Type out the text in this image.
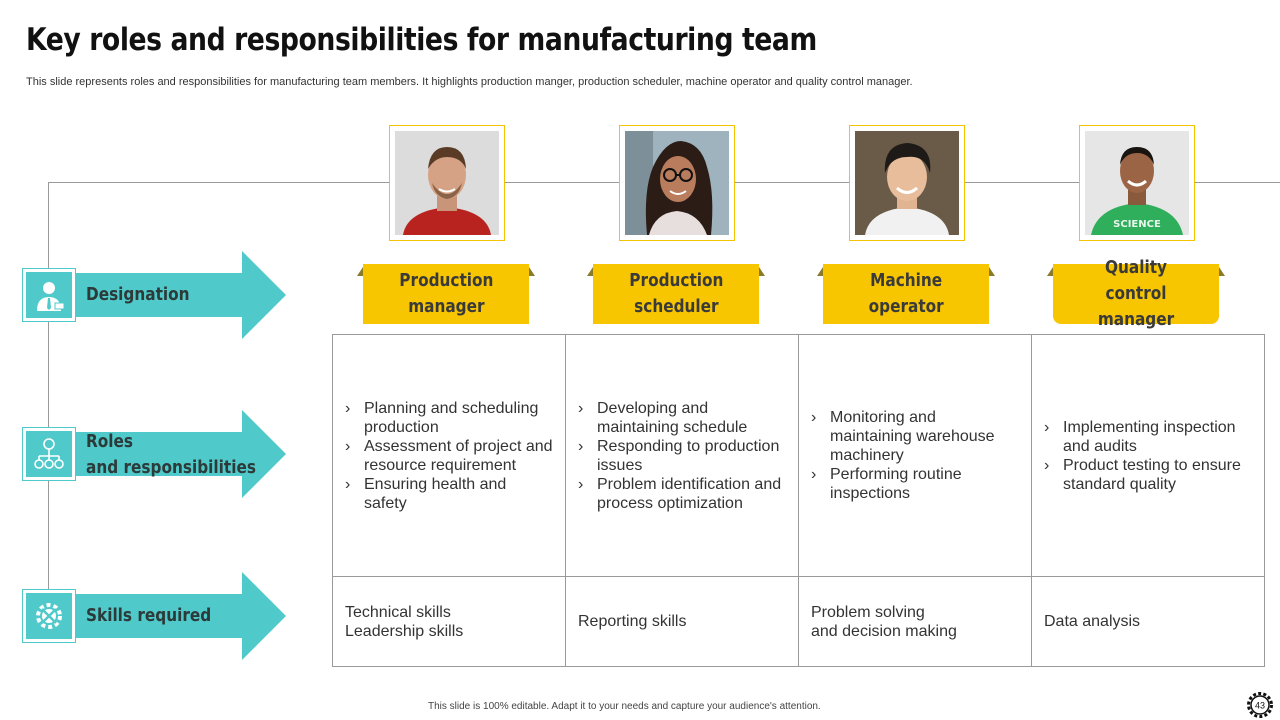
Key roles and responsibilities for manufacturing team
This slide represents roles and responsibilities for manufacturing team members. It highlights production manger, production scheduler, machine operator and quality control manager.
SCIENCE
Production
manager
Production
scheduler
Machine
operator
Quality
control manager
Designation
Roles
and responsibilities
Skills required
› Planning and scheduling production
› Assessment of project and resource requirement
› Ensuring health and safety
› Developing and maintaining schedule
› Responding to production issues
› Problem identification and process optimization
› Monitoring and maintaining warehouse machinery
› Performing routine inspections
› Implementing inspection and audits
› Product testing to ensure standard quality
Technical skills
Leadership skills
Reporting skills
Problem solving
and decision making
Data analysis
This slide is 100% editable. Adapt it to your needs and capture your audience's attention.	43
